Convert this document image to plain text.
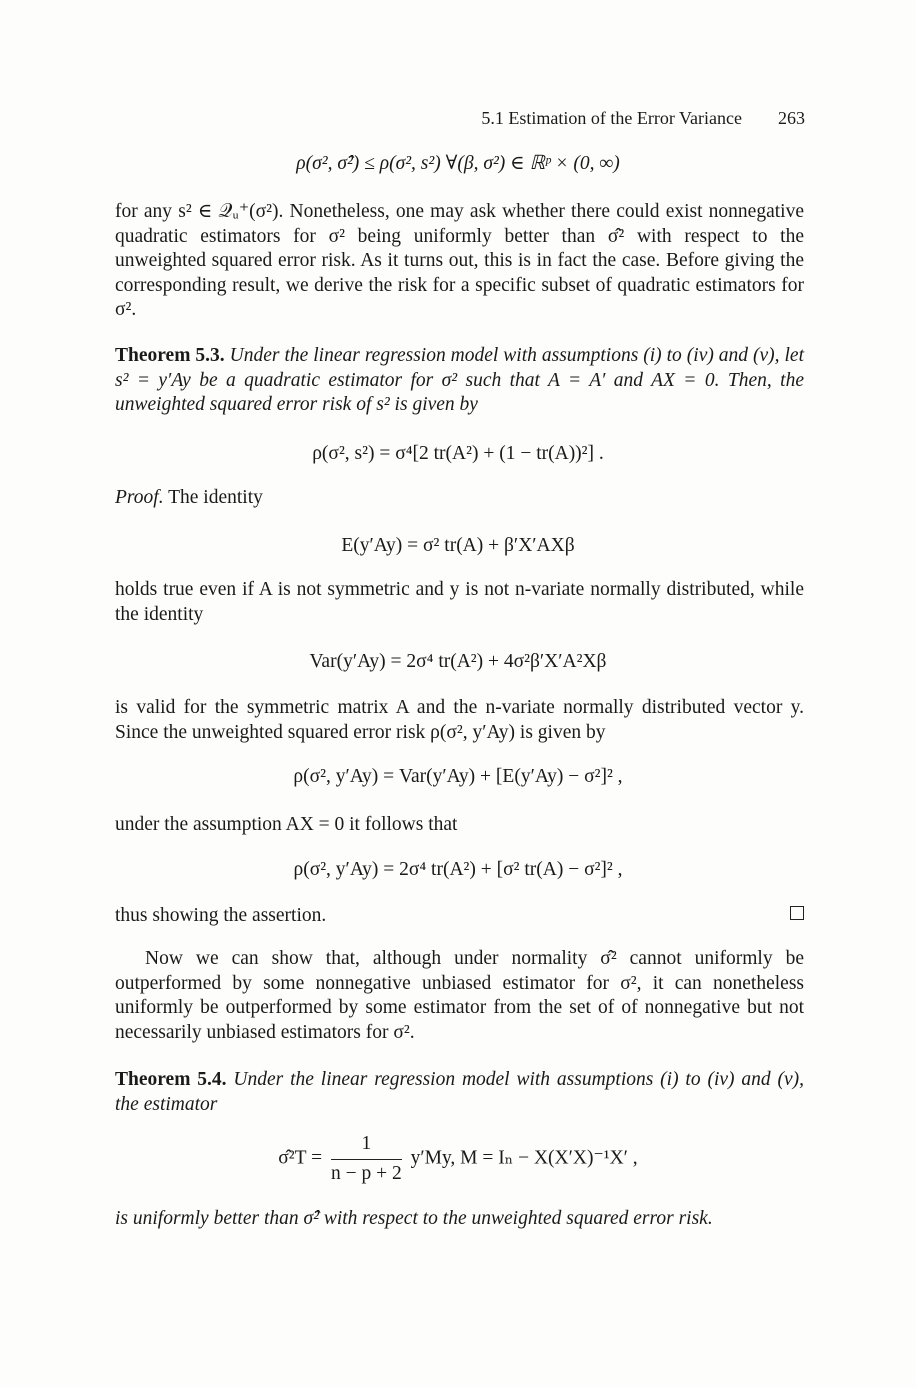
5.1 Estimation of the Error Variance 263
ρ(σ², σ̂²) ≤ ρ(σ², s²) ∀(β, σ²) ∈ ℝᵖ × (0, ∞)

for any s² ∈ 𝒬ᵤ⁺(σ²). Nonetheless, one may ask whether there could exist nonnegative quadratic estimators for σ² being uniformly better than σ̂² with respect to the unweighted squared error risk. As it turns out, this is in fact the case. Before giving the corresponding result, we derive the risk for a specific subset of quadratic estimators for σ².

Theorem 5.3. Under the linear regression model with assumptions (i) to (iv) and (v), let s² = y′Ay be a quadratic estimator for σ² such that A = A′ and AX = 0. Then, the unweighted squared error risk of s² is given by

ρ(σ², s²) = σ⁴[2 tr(A²) + (1 − tr(A))²] .

Proof. The identity

E(y′Ay) = σ² tr(A) + β′X′AXβ

holds true even if A is not symmetric and y is not n-variate normally distributed, while the identity

Var(y′Ay) = 2σ⁴ tr(A²) + 4σ²β′X′A²Xβ

is valid for the symmetric matrix A and the n-variate normally distributed vector y. Since the unweighted squared error risk ρ(σ², y′Ay) is given by

ρ(σ², y′Ay) = Var(y′Ay) + [E(y′Ay) − σ²]² ,

under the assumption AX = 0 it follows that

ρ(σ², y′Ay) = 2σ⁴ tr(A²) + [σ² tr(A) − σ²]² ,

thus showing the assertion.

Now we can show that, although under normality σ̂² cannot uniformly be outperformed by some nonnegative unbiased estimator for σ², it can nonetheless uniformly be outperformed by some estimator from the set of of nonnegative but not necessarily unbiased estimators for σ².

Theorem 5.4. Under the linear regression model with assumptions (i) to (iv) and (v), the estimator

σ̂²T = $\frac{1}{n - p + 2} y'My$, M = Iₙ − X(X′X)⁻¹X′ ,

is uniformly better than σ̂² with respect to the unweighted squared error risk.
